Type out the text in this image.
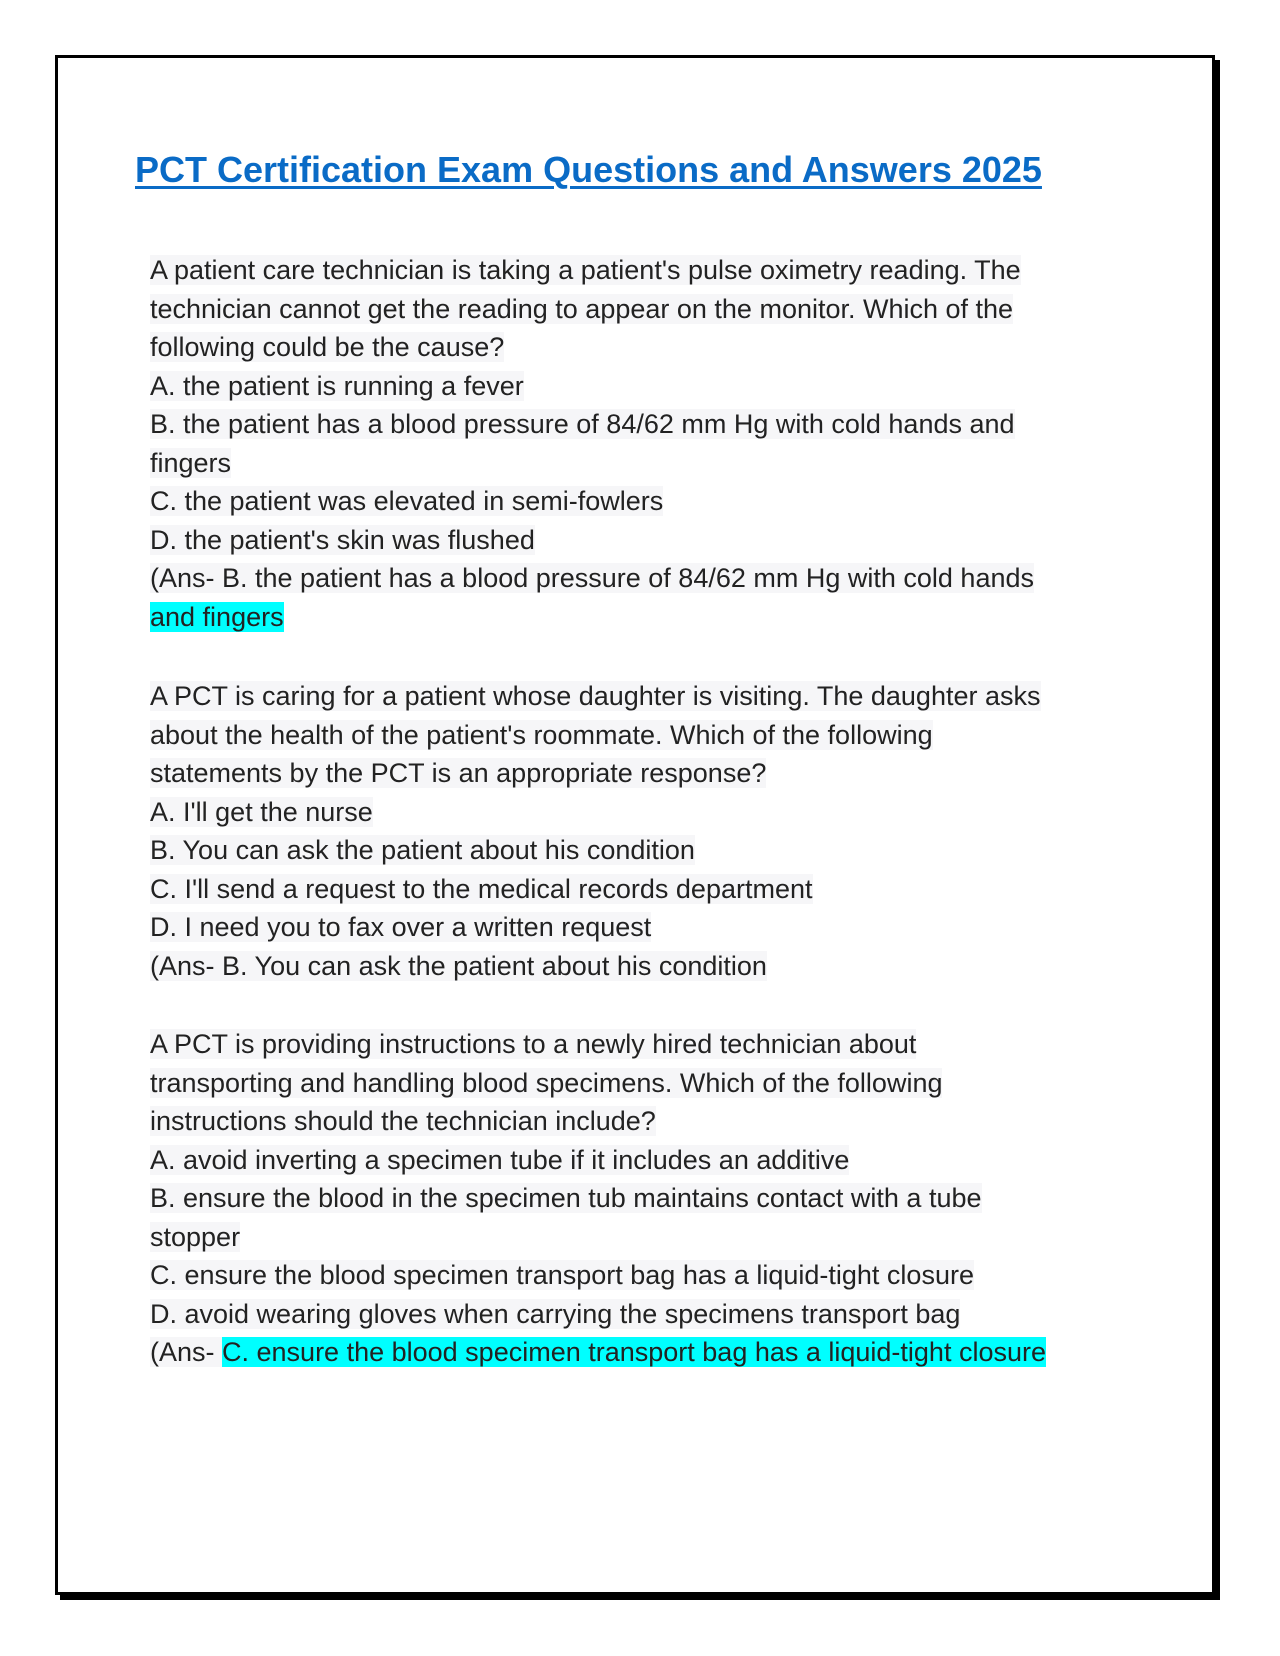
PCT Certification Exam Questions and Answers 2025
A patient care technician is taking a patient's pulse oximetry reading. The
technician cannot get the reading to appear on the monitor. Which of the
following could be the cause?
A. the patient is running a fever
B. the patient has a blood pressure of 84/62 mm Hg with cold hands and
fingers
C. the patient was elevated in semi-fowlers
D. the patient's skin was flushed
(Ans- B. the patient has a blood pressure of 84/62 mm Hg with cold hands
and fingers
A PCT is caring for a patient whose daughter is visiting. The daughter asks
about the health of the patient's roommate. Which of the following
statements by the PCT is an appropriate response?
A. I'll get the nurse
B. You can ask the patient about his condition
C. I'll send a request to the medical records department
D. I need you to fax over a written request
(Ans- B. You can ask the patient about his condition
A PCT is providing instructions to a newly hired technician about
transporting and handling blood specimens. Which of the following
instructions should the technician include?
A. avoid inverting a specimen tube if it includes an additive
B. ensure the blood in the specimen tub maintains contact with a tube
stopper
C. ensure the blood specimen transport bag has a liquid-tight closure
D. avoid wearing gloves when carrying the specimens transport bag
(Ans- C. ensure the blood specimen transport bag has a liquid-tight closure
